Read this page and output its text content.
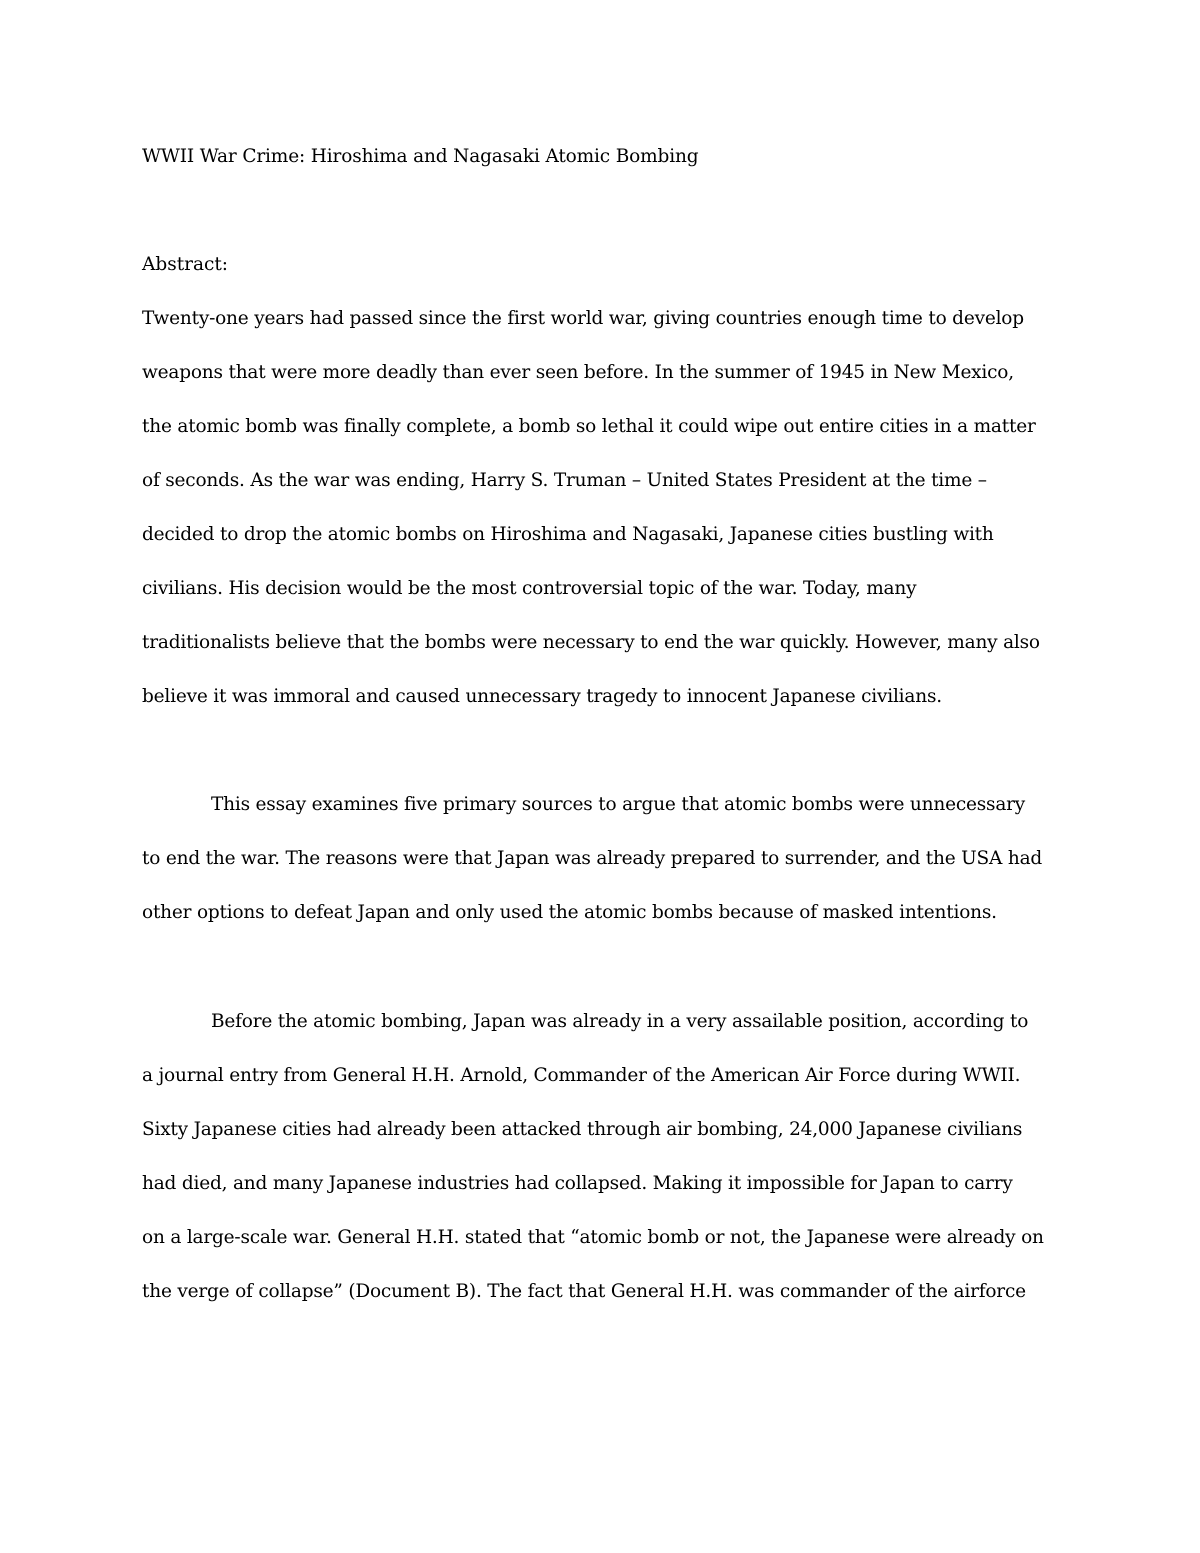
WWII War Crime: Hiroshima and Nagasaki Atomic Bombing
Abstract:
Twenty-one years had passed since the first world war, giving countries enough time to develop
weapons that were more deadly than ever seen before. In the summer of 1945 in New Mexico,
the atomic bomb was finally complete, a bomb so lethal it could wipe out entire cities in a matter
of seconds. As the war was ending, Harry S. Truman – United States President at the time –
decided to drop the atomic bombs on Hiroshima and Nagasaki, Japanese cities bustling with
civilians. His decision would be the most controversial topic of the war. Today, many
traditionalists believe that the bombs were necessary to end the war quickly. However, many also
believe it was immoral and caused unnecessary tragedy to innocent Japanese civilians.
This essay examines five primary sources to argue that atomic bombs were unnecessary
to end the war. The reasons were that Japan was already prepared to surrender, and the USA had
other options to defeat Japan and only used the atomic bombs because of masked intentions.
Before the atomic bombing, Japan was already in a very assailable position, according to
a journal entry from General H.H. Arnold, Commander of the American Air Force during WWII.
Sixty Japanese cities had already been attacked through air bombing, 24,000 Japanese civilians
had died, and many Japanese industries had collapsed. Making it impossible for Japan to carry
on a large-scale war. General H.H. stated that “atomic bomb or not, the Japanese were already on
the verge of collapse” (Document B). The fact that General H.H. was commander of the airforce
